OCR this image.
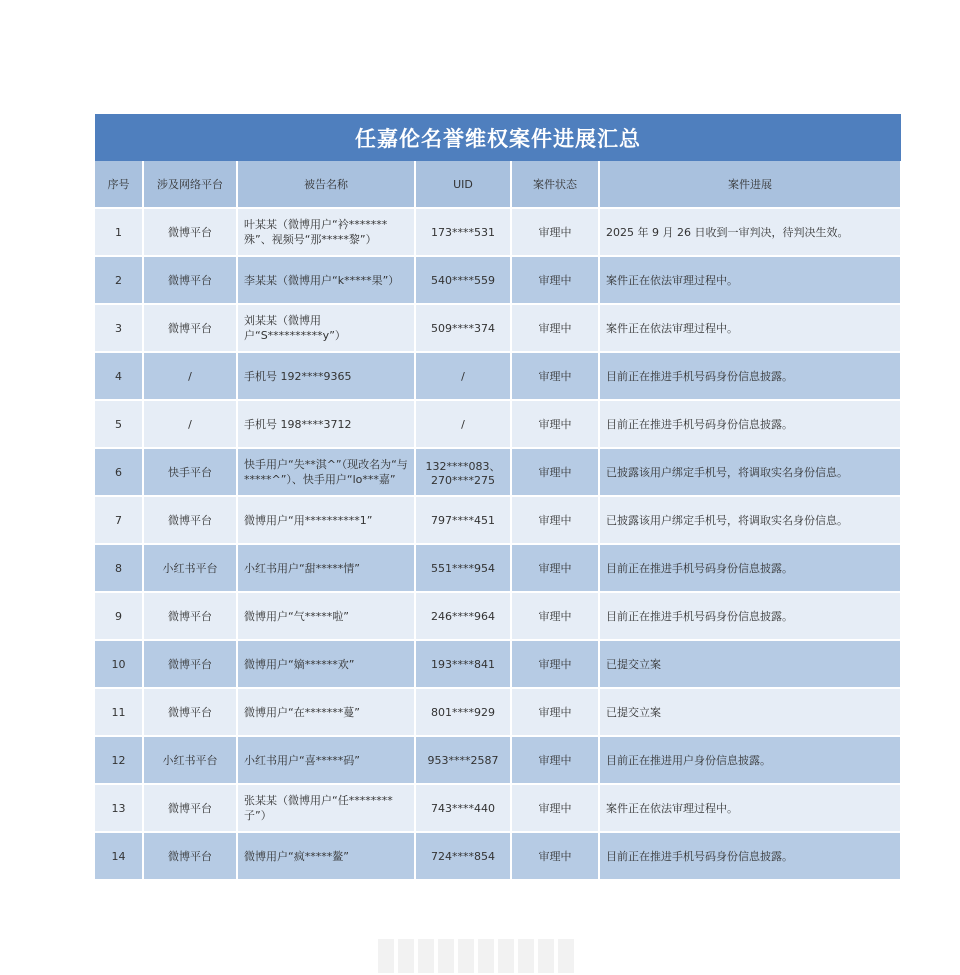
任嘉伦名誉维权案件进展汇总
序号	涉及网络平台	被告名称	UID	案件状态	案件进展
1	微博平台	叶某某（微博用户“衿*******殊”、视频号“那*****黎”）	173****531	审理中	2025 年 9 月 26 日收到一审判决，待判决生效。
2	微博平台	李某某（微博用户“k*****果”）	540****559	审理中	案件正在依法审理过程中。
3	微博平台	刘某某（微博用户“S**********y”）	509****374	审理中	案件正在依法审理过程中。
4	/	手机号 192****9365	/	审理中	目前正在推进手机号码身份信息披露。
5	/	手机号 198****3712	/	审理中	目前正在推进手机号码身份信息披露。
6	快手平台	快手用户“失**淇^”（现改名为“与*****^”）、快手用户“lo***嘉”	132****083、270****275	审理中	已披露该用户绑定手机号，将调取实名身份信息。
7	微博平台	微博用户“用**********1”	797****451	审理中	已披露该用户绑定手机号，将调取实名身份信息。
8	小红书平台	小红书用户“甜*****情”	551****954	审理中	目前正在推进手机号码身份信息披露。
9	微博平台	微博用户“气*****啦”	246****964	审理中	目前正在推进手机号码身份信息披露。
10	微博平台	微博用户“嫡******欢”	193****841	审理中	已提交立案
11	微博平台	微博用户“在*******蔓”	801****929	审理中	已提交立案
12	小红书平台	小红书用户“喜*****码”	953****2587	审理中	目前正在推进用户身份信息披露。
13	微博平台	张某某（微博用户“任********子”）	743****440	审理中	案件正在依法审理过程中。
14	微博平台	微博用户“疯*****鳌”	724****854	审理中	目前正在推进手机号码身份信息披露。
